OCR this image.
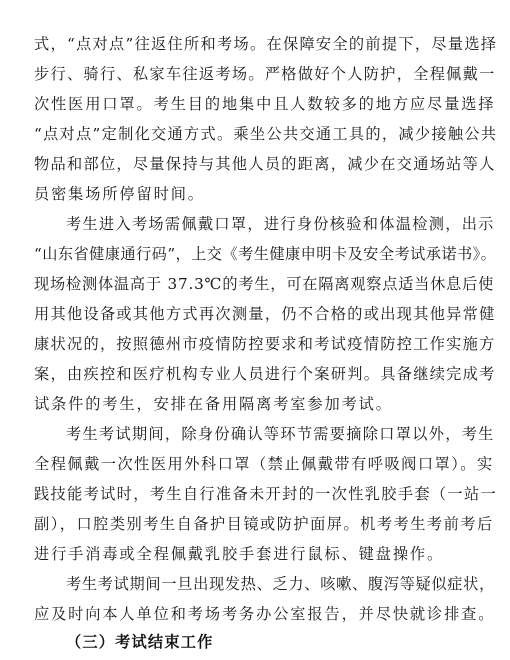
式，“点对点”往返住所和考场。在保障安全的前提下，尽量选择
步行、骑行、私家车往返考场。严格做好个人防护，全程佩戴一
次性医用口罩。考生目的地集中且人数较多的地方应尽量选择
“点对点”定制化交通方式。乘坐公共交通工具的，减少接触公共
物品和部位，尽量保持与其他人员的距离，减少在交通场站等人
员密集场所停留时间。
考生进入考场需佩戴口罩，进行身份核验和体温检测，出示
“山东省健康通行码”，上交《考生健康申明卡及安全考试承诺书》。
现场检测体温高于 37.3℃的考生，可在隔离观察点适当休息后使
用其他设备或其他方式再次测量，仍不合格的或出现其他异常健
康状况的，按照德州市疫情防控要求和考试疫情防控工作实施方
案，由疾控和医疗机构专业人员进行个案研判。具备继续完成考
试条件的考生，安排在备用隔离考室参加考试。
考生考试期间，除身份确认等环节需要摘除口罩以外，考生
全程佩戴一次性医用外科口罩（禁止佩戴带有呼吸阀口罩）。实
践技能考试时，考生自行准备未开封的一次性乳胶手套（一站一
副），口腔类别考生自备护目镜或防护面屏。机考考生考前考后
进行手消毒或全程佩戴乳胶手套进行鼠标、键盘操作。
考生考试期间一旦出现发热、乏力、咳嗽、腹泻等疑似症状，
应及时向本人单位和考场考务办公室报告，并尽快就诊排查。
（三）考试结束工作
